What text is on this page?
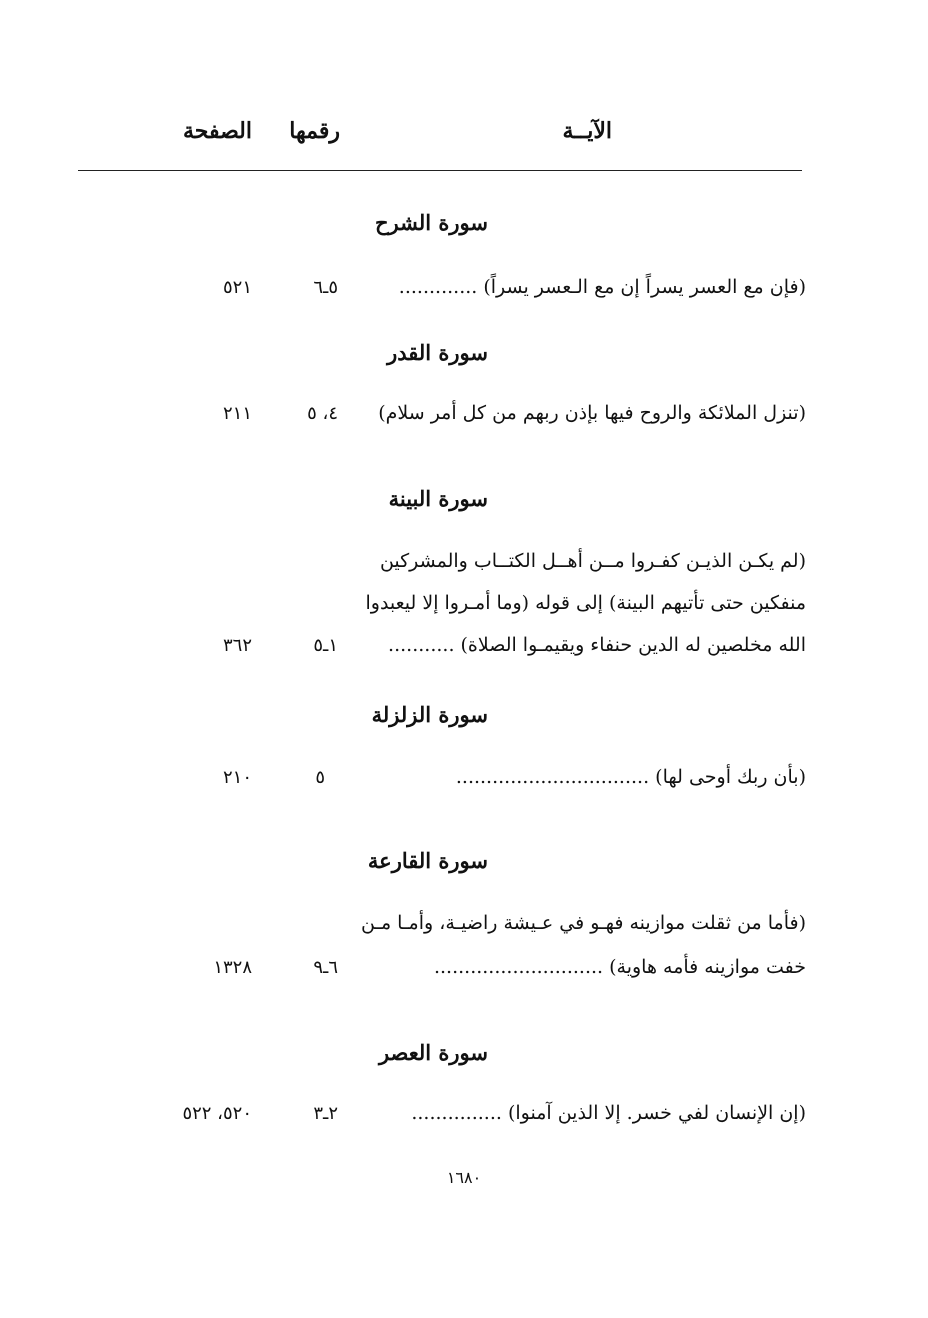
الآيــة
رقمها
الصفحة
سورة الشرح
(فإن مع العسر يسراً إن مع الـعسر يسراً) .............
٥ـ٦
٥٢١
سورة القدر
(تنزل الملائكة والروح فيها بإذن ربهم من كل أمر سلام)
٤، ٥
٢١١
سورة البينة
(لم يكـن الذيـن كفـروا مــن أهــل الكتــاب والمشركين
منفكين حتى تأتيهم البينة) إلى قوله (وما أمـروا إلا ليعبدوا
الله مخلصين له الدين حنفاء ويقيمـوا الصلاة) ...........
١ـ٥
٣٦٢
سورة الزلزلة
(بأن ربك أوحى لها) ................................
٥
٢١٠
سورة القارعة
(فأما من ثقلت موازينه فهـو في عـيشة راضيـة، وأمـا مـن
خفت موازينه فأمه هاوية) ............................
٦ـ٩
١٣٢٨
سورة العصر
(إن الإنسان لفي خسر. إلا الذين آمنوا) ...............
٢ـ٣
٥٢٠، ٥٢٢
١٦٨٠
